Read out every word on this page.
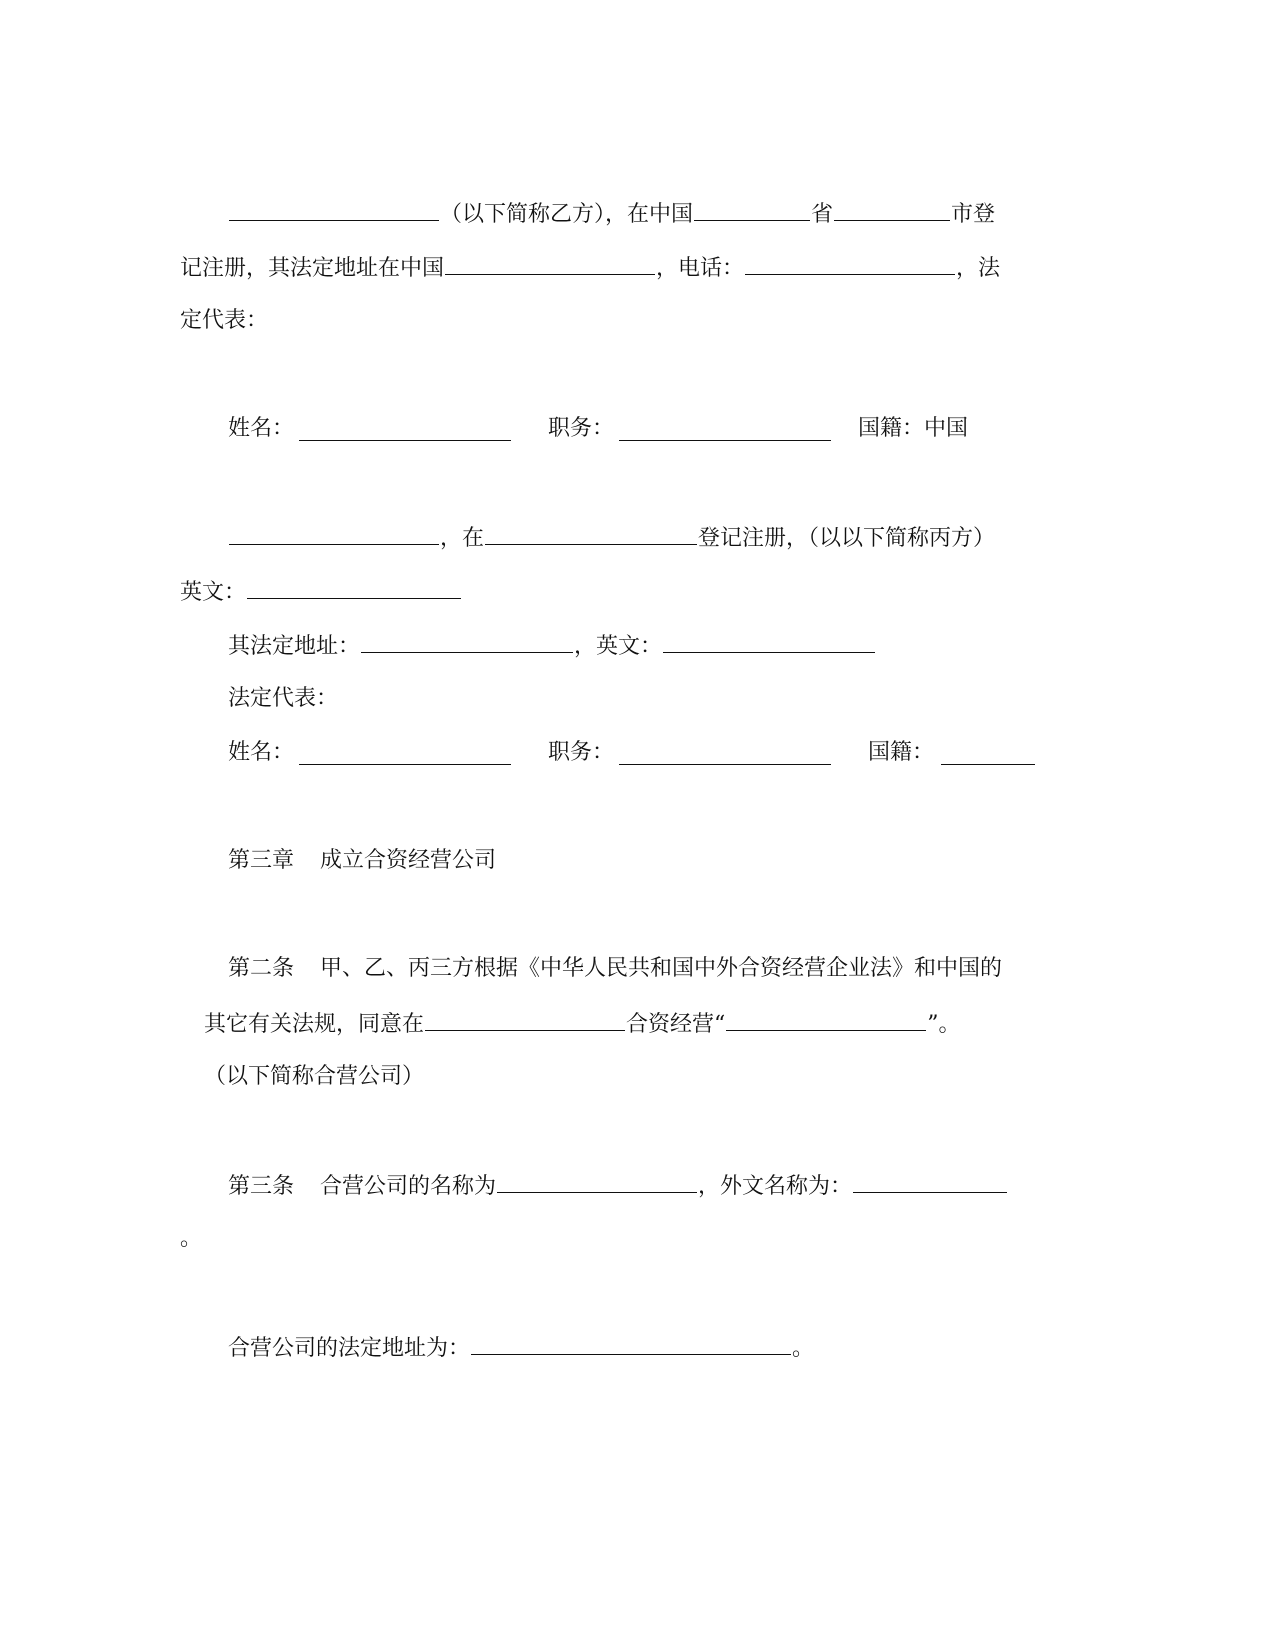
（以下简称乙方），在中国	省	市登
记注册，其法定地址在中国	，电话：	，法
定代表：
姓名：	职务：	国籍：中国
，在	登记注册，（以以下简称丙方）
英文：
其法定地址：	，英文：
法定代表：
姓名：	职务：	国籍：
第三章 成立合资经营公司
第二条 甲、乙、丙三方根据《中华人民共和国中外合资经营企业法》和中国的
其它有关法规，同意在	合资经营“	”。
（以下简称合营公司）
第三条 合营公司的名称为	，外文名称为：
。
合营公司的法定地址为：	。
